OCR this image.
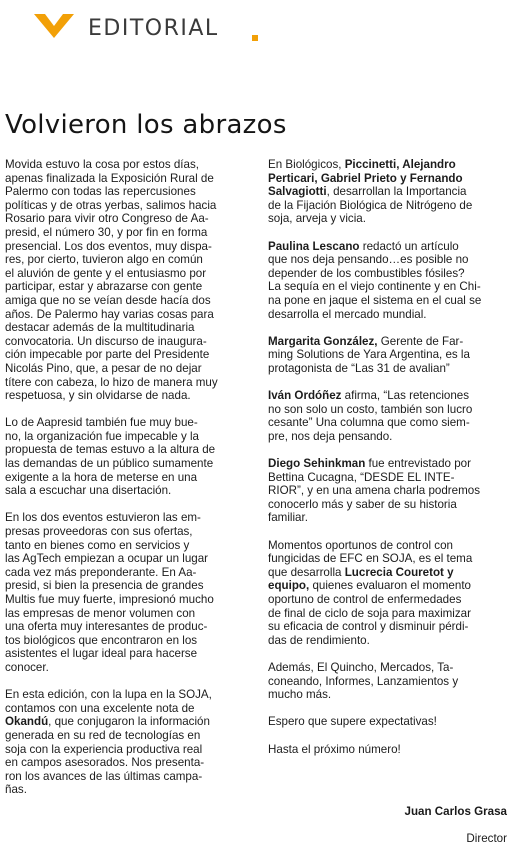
EDITORIAL
Volvieron los abrazos

Movida estuvo la cosa por estos días,
apenas finalizada la Exposición Rural de
Palermo con todas las repercusiones
políticas y de otras yerbas, salimos hacia
Rosario para vivir otro Congreso de Aa-
presid, el número 30, y por fin en forma
presencial. Los dos eventos, muy dispa-
res, por cierto, tuvieron algo en común
el aluvión de gente y el entusiasmo por
participar, estar y abrazarse con gente
amiga que no se veían desde hacía dos
años. De Palermo hay varias cosas para
destacar además de la multitudinaria
convocatoria. Un discurso de inaugura-
ción impecable por parte del Presidente
Nicolás Pino, que, a pesar de no dejar
títere con cabeza, lo hizo de manera muy
respetuosa, y sin olvidarse de nada.

Lo de Aapresid también fue muy bue-
no, la organización fue impecable y la
propuesta de temas estuvo a la altura de
las demandas de un público sumamente
exigente a la hora de meterse en una
sala a escuchar una disertación.

En los dos eventos estuvieron las em-
presas proveedoras con sus ofertas,
tanto en bienes como en servicios y
las AgTech empiezan a ocupar un lugar
cada vez más preponderante. En Aa-
presid, si bien la presencia de grandes
Multis fue muy fuerte, impresionó mucho
las empresas de menor volumen con
una oferta muy interesantes de produc-
tos biológicos que encontraron en los
asistentes el lugar ideal para hacerse
conocer.

En esta edición, con la lupa en la SOJA,
contamos con una excelente nota de
Okandú, que conjugaron la información
generada en su red de tecnologías en
soja con la experiencia productiva real
en campos asesorados. Nos presenta-
ron los avances de las últimas campa-
ñas.

En Biológicos, Piccinetti, Alejandro
Perticari, Gabriel Prieto y Fernando
Salvagiotti, desarrollan la Importancia
de la Fijación Biológica de Nitrógeno de
soja, arveja y vicia.

Paulina Lescano redactó un artículo
que nos deja pensando…es posible no
depender de los combustibles fósiles?
La sequía en el viejo continente y en Chi-
na pone en jaque el sistema en el cual se
desarrolla el mercado mundial.

Margarita González, Gerente de Far-
ming Solutions de Yara Argentina, es la
protagonista de “Las 31 de avalian”

Iván Ordóñez afirma, “Las retenciones
no son solo un costo, también son lucro
cesante” Una columna que como siem-
pre, nos deja pensando.

Diego Sehinkman fue entrevistado por
Bettina Cucagna, “DESDE EL INTE-
RIOR”, y en una amena charla podremos
conocerlo más y saber de su historia
familiar.

Momentos oportunos de control con
fungicidas de EFC en SOJA, es el tema
que desarrolla Lucrecia Couretot y
equipo, quienes evaluaron el momento
oportuno de control de enfermedades
de final de ciclo de soja para maximizar
su eficacia de control y disminuir pérdi-
das de rendimiento.

Además, El Quincho, Mercados, Ta-
coneando, Informes, Lanzamientos y
mucho más.

Espero que supere expectativas!

Hasta el próximo número!

Juan Carlos Grasa
Director
